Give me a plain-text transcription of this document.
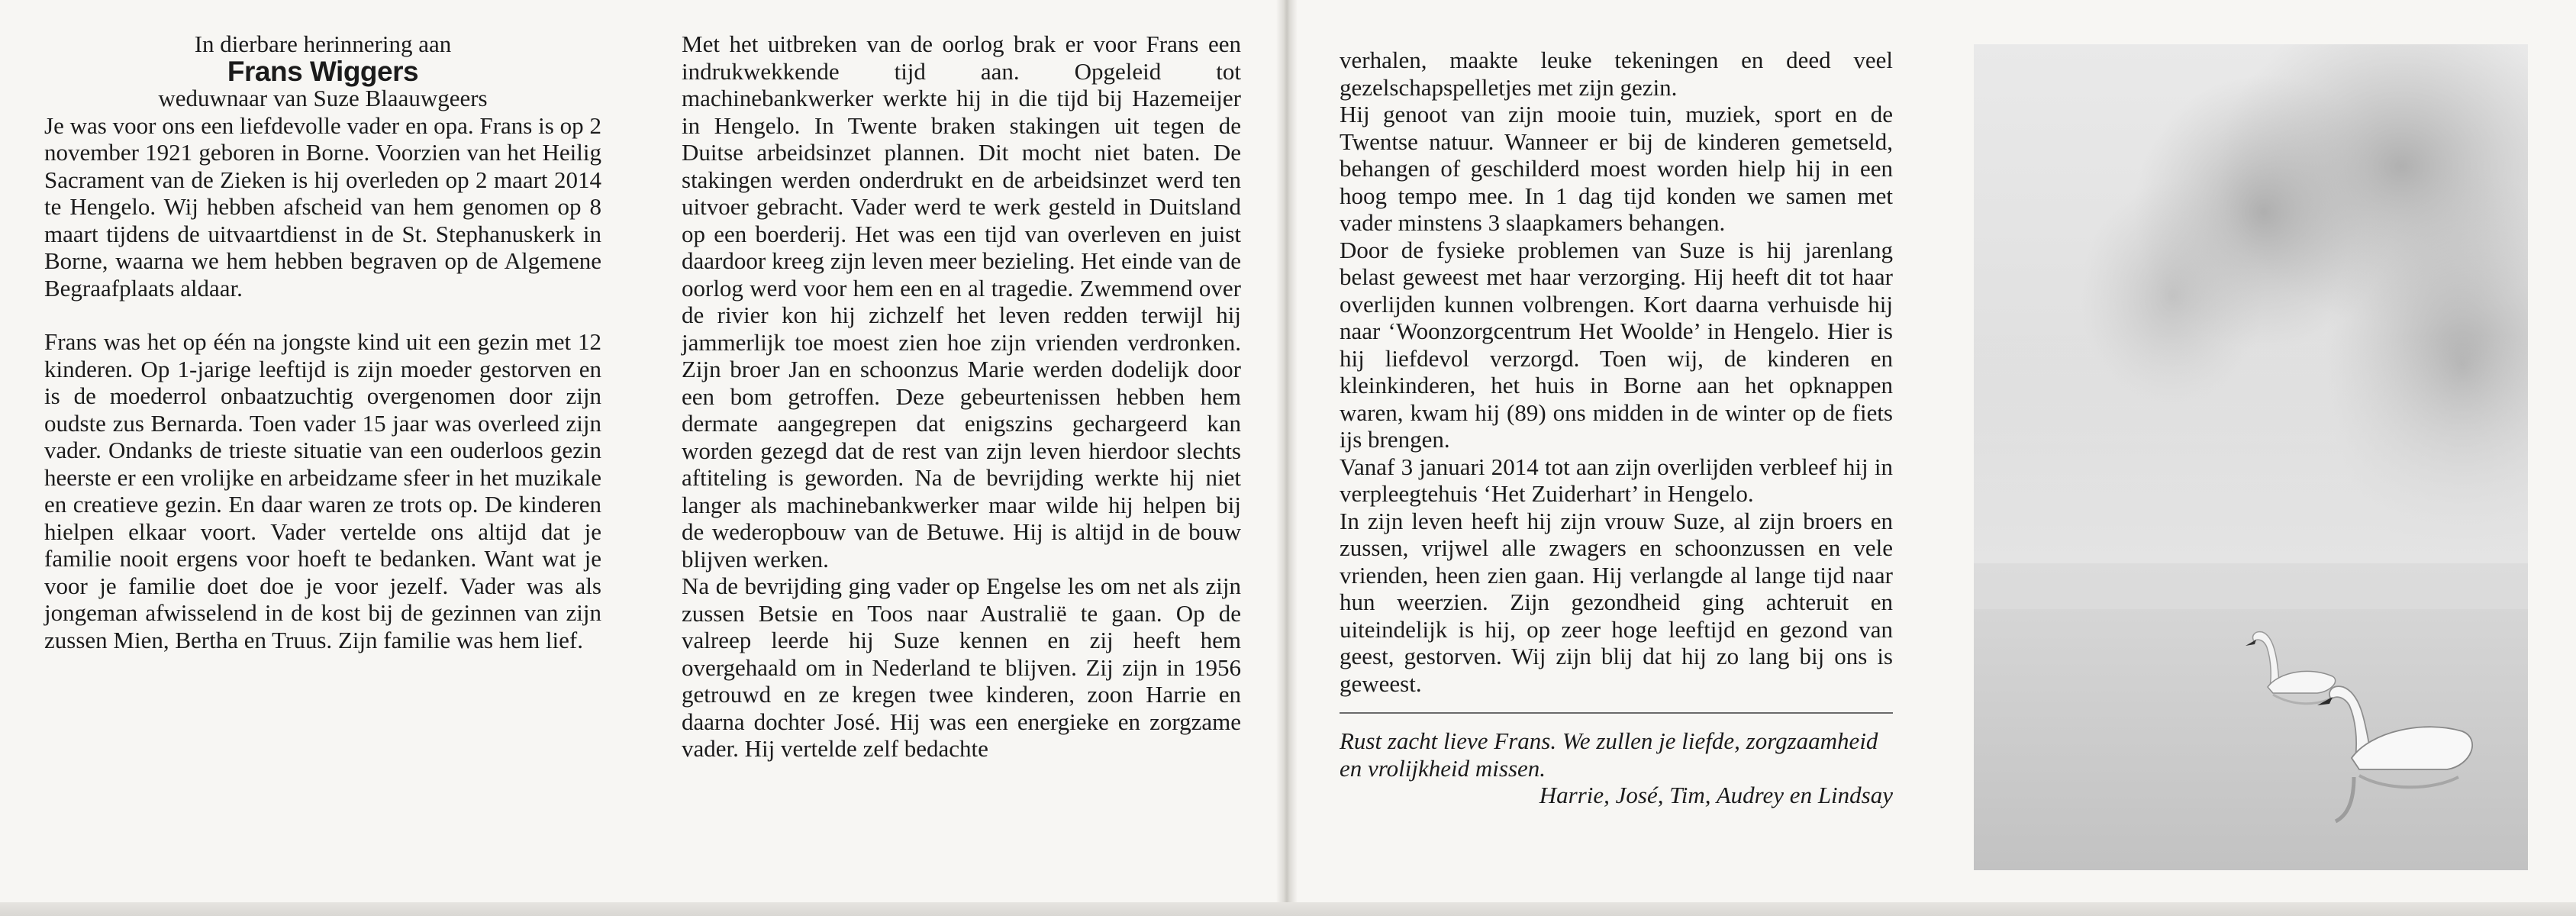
In dierbare herinnering aan

Frans Wiggers

weduwnaar van Suze Blaauwgeers

Je was voor ons een liefdevolle vader en opa. Frans is op 2 november 1921 geboren in Borne. Voorzien van het Heilig Sacrament van de Zieken is hij overleden op 2 maart 2014 te Hengelo. Wij hebben afscheid van hem genomen op 8 maart tijdens de uitvaartdienst in de St. Stephanuskerk in Borne, waarna we hem hebben begraven op de Algemene Begraafplaats aldaar.

Frans was het op één na jongste kind uit een gezin met 12 kinderen. Op 1-jarige leeftijd is zijn moeder gestorven en is de moederrol onbaatzuchtig overgenomen door zijn oudste zus Bernarda. Toen vader 15 jaar was overleed zijn vader. Ondanks de trieste situatie van een ouderloos gezin heerste er een vrolijke en arbeidzame sfeer in het muzikale en creatieve gezin. En daar waren ze trots op. De kinderen hielpen elkaar voort. Vader vertelde ons altijd dat je familie nooit ergens voor hoeft te bedanken. Want wat je voor je familie doet doe je voor jezelf. Vader was als jongeman afwisselend in de kost bij de gezinnen van zijn zussen Mien, Bertha en Truus. Zijn familie was hem lief.

Met het uitbreken van de oorlog brak er voor Frans een indrukwekkende tijd aan. Opgeleid tot machinebankwerker werkte hij in die tijd bij Hazemeijer in Hengelo. In Twente braken stakingen uit tegen de Duitse arbeidsinzet plannen. Dit mocht niet baten. De stakingen werden onderdrukt en de arbeidsinzet werd ten uitvoer gebracht. Vader werd te werk gesteld in Duitsland op een boerderij. Het was een tijd van overleven en juist daardoor kreeg zijn leven meer bezieling. Het einde van de oorlog werd voor hem een en al tragedie. Zwemmend over de rivier kon hij zichzelf het leven redden terwijl hij jammerlijk toe moest zien hoe zijn vrienden verdronken. Zijn broer Jan en schoonzus Marie werden dodelijk door een bom getroffen. Deze gebeurtenissen hebben hem dermate aangegrepen dat enigszins gechargeerd kan worden gezegd dat de rest van zijn leven hierdoor slechts aftiteling is geworden. Na de bevrijding werkte hij niet langer als machinebankwerker maar wilde hij helpen bij de wederopbouw van de Betuwe. Hij is altijd in de bouw blijven werken.

Na de bevrijding ging vader op Engelse les om net als zijn zussen Betsie en Toos naar Australië te gaan. Op de valreep leerde hij Suze kennen en zij heeft hem overgehaald om in Nederland te blijven. Zij zijn in 1956 getrouwd en ze kregen twee kinderen, zoon Harrie en daarna dochter José. Hij was een energieke en zorgzame vader. Hij vertelde zelf bedachte

verhalen, maakte leuke tekeningen en deed veel gezelschapspelletjes met zijn gezin.

Hij genoot van zijn mooie tuin, muziek, sport en de Twentse natuur. Wanneer er bij de kinderen gemetseld, behangen of geschilderd moest worden hielp hij in een hoog tempo mee. In 1 dag tijd konden we samen met vader minstens 3 slaapkamers behangen.

Door de fysieke problemen van Suze is hij jarenlang belast geweest met haar verzorging. Hij heeft dit tot haar overlijden kunnen volbrengen. Kort daarna verhuisde hij naar ‘Woonzorgcentrum Het Woolde’ in Hengelo. Hier is hij liefdevol verzorgd. Toen wij, de kinderen en kleinkinderen, het huis in Borne aan het opknappen waren, kwam hij (89) ons midden in de winter op de fiets ijs brengen.

Vanaf 3 januari 2014 tot aan zijn overlijden verbleef hij in verpleegtehuis ‘Het Zuiderhart’ in Hengelo.

In zijn leven heeft hij zijn vrouw Suze, al zijn broers en zussen, vrijwel alle zwagers en schoonzussen en vele vrienden, heen zien gaan. Hij verlangde al lange tijd naar hun weerzien. Zijn gezondheid ging achteruit en uiteindelijk is hij, op zeer hoge leeftijd en gezond van geest, gestorven. Wij zijn blij dat hij zo lang bij ons is geweest.

Rust zacht lieve Frans. We zullen je liefde, zorgzaamheid en vrolijkheid missen.

Harrie, José, Tim, Audrey en Lindsay
